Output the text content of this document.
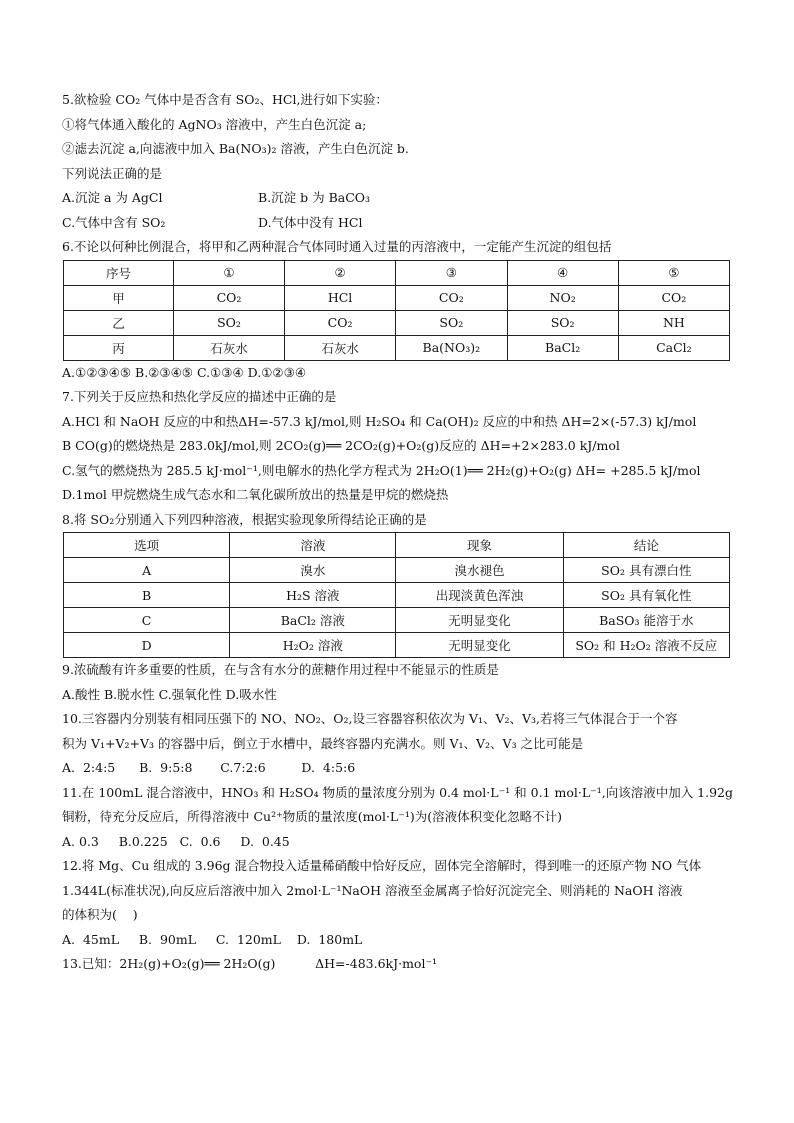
5.欲检验 CO₂ 气体中是否含有 SO₂、HCl,进行如下实验：
①将气体通入酸化的 AgNO₃ 溶液中，产生白色沉淀 a;
②滤去沉淀 a,向滤液中加入 Ba(NO₃)₂ 溶液，产生白色沉淀 b.
下列说法正确的是
A.沉淀 a 为 AgCl	B.沉淀 b 为 BaCO₃
C.气体中含有 SO₂	D.气体中没有 HCl
6.不论以何种比例混合，将甲和乙两种混合气体同时通入过量的丙溶液中，一定能产生沉淀的组包括
序号	①	②	③	④	⑤
甲	CO₂	HCl	CO₂	NO₂	CO₂
乙	SO₂	CO₂	SO₂	SO₂	NH
丙	石灰水	石灰水	Ba(NO₃)₂	BaCl₂	CaCl₂
A.①②③④⑤ B.②③④⑤ C.①③④ D.①②③④
7.下列关于反应热和热化学反应的描述中正确的是
A.HCl 和 NaOH 反应的中和热ΔH=-57.3 kJ/mol,则 H₂SO₄ 和 Ca(OH)₂ 反应的中和热 ΔH=2×(-57.3) kJ/mol
B CO(g)的燃烧热是 283.0kJ/mol,则 2CO₂(g)══ 2CO₂(g)+O₂(g)反应的 ΔH=+2×283.0 kJ/mol
C.氢气的燃烧热为 285.5 kJ·mol⁻¹,则电解水的热化学方程式为 2H₂O(1)══ 2H₂(g)+O₂(g) ΔH= +285.5 kJ/mol
D.1mol 甲烷燃烧生成气态水和二氧化碳所放出的热量是甲烷的燃烧热
8.将 SO₂分别通入下列四种溶液，根据实验现象所得结论正确的是
选项	溶液	现象	结论
A	溴水	溴水褪色	SO₂ 具有漂白性
B	H₂S 溶液	出现淡黄色浑浊	SO₂ 具有氧化性
C	BaCl₂ 溶液	无明显变化	BaSO₃ 能溶于水
D	H₂O₂ 溶液	无明显变化	SO₂ 和 H₂O₂ 溶液不反应
9.浓硫酸有许多重要的性质，在与含有水分的蔗糖作用过程中不能显示的性质是
A.酸性 B.脱水性 C.强氧化性 D.吸水性
10.三容器内分别装有相同压强下的 NO、NO₂、O₂,设三容器容积依次为 V₁、V₂、V₃,若将三气体混合于一个容
积为 V₁+V₂+V₃ 的容器中后，倒立于水槽中，最终容器内充满水。则 V₁、V₂、V₃ 之比可能是
A.  2:4:5      B.  9:5:8       C.7:2:6         D.  4:5:6
11.在 100mL 混合溶液中，HNO₃ 和 H₂SO₄ 物质的量浓度分别为 0.4 mol·L⁻¹ 和 0.1 mol·L⁻¹,向该溶液中加入 1.92g
铜粉，待充分反应后，所得溶液中 Cu²⁺物质的量浓度(mol·L⁻¹)为(溶液体积变化忽略不计)
A. 0.3     B.0.225   C.  0.6     D.  0.45
12.将 Mg、Cu 组成的 3.96g 混合物投入适量稀硝酸中恰好反应，固体完全溶解时，得到唯一的还原产物 NO 气体
1.344L(标准状况),向反应后溶液中加入 2mol·L⁻¹NaOH 溶液至金属离子恰好沉淀完全、则消耗的 NaOH 溶液
的体积为(    )
A.  45mL     B.  90mL     C.  120mL    D.  180mL
13.已知：2H₂(g)+O₂(g)══ 2H₂O(g)          ΔH=-483.6kJ·mol⁻¹
